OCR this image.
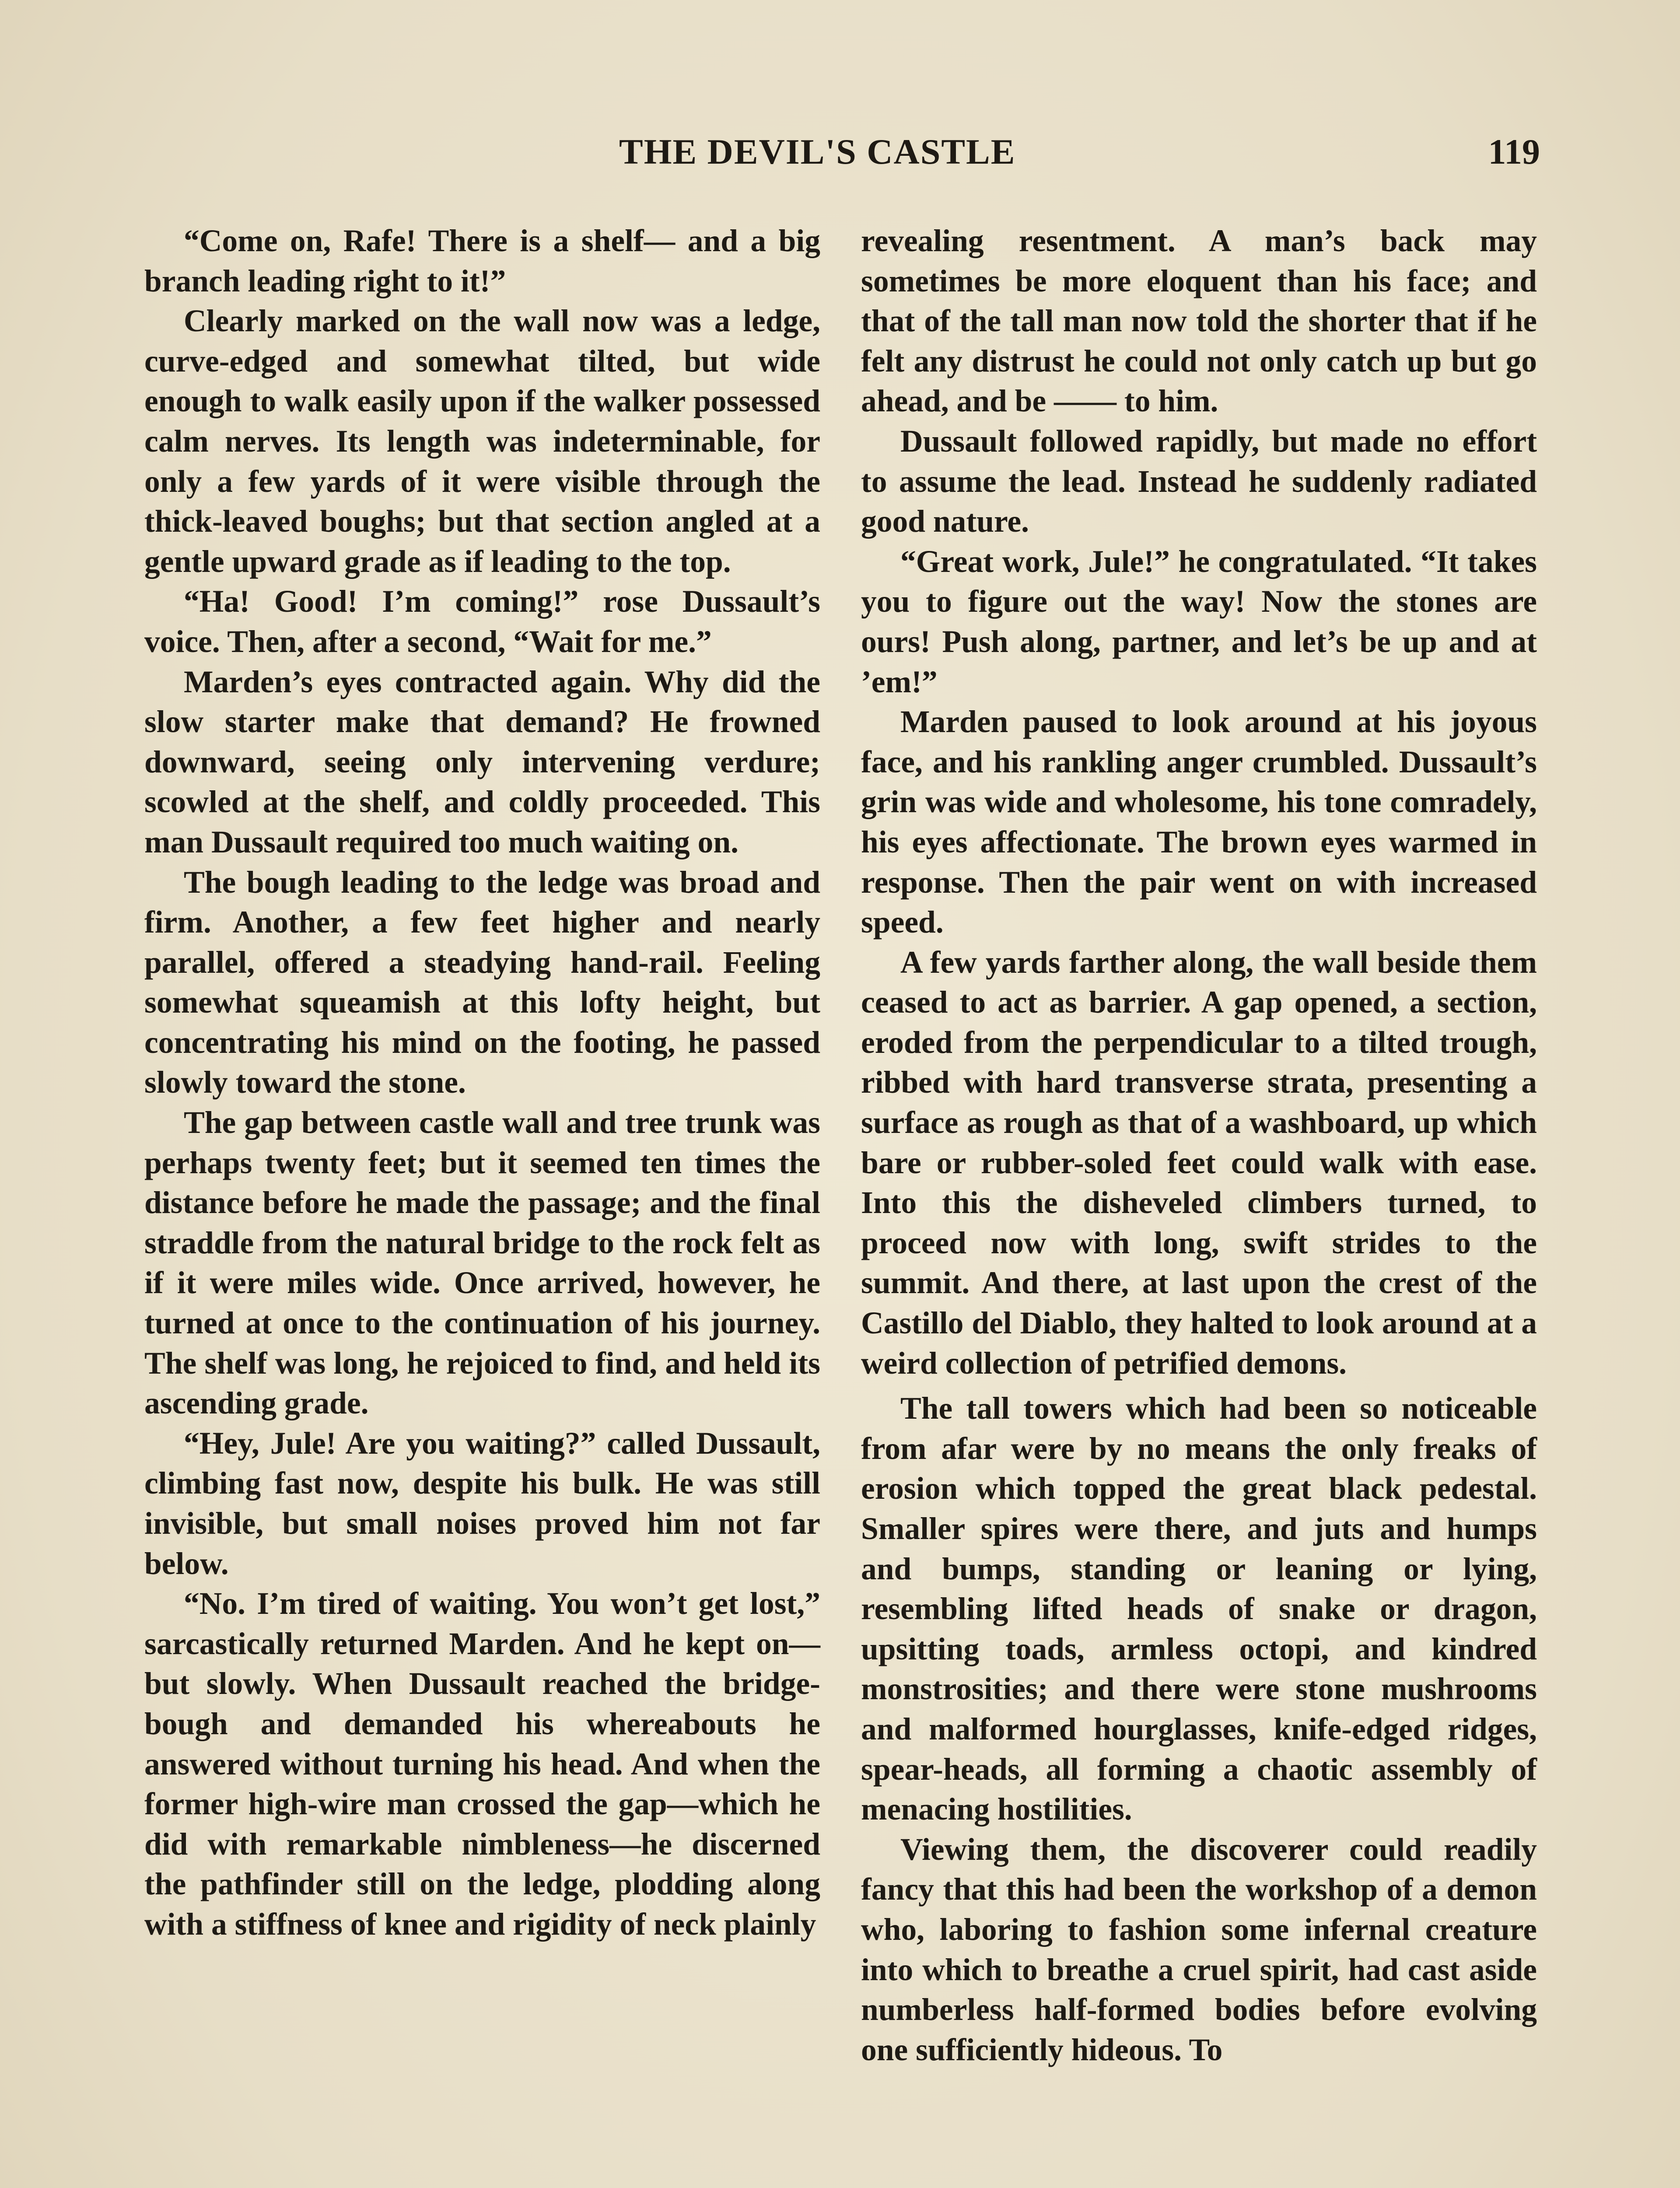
THE DEVIL'S CASTLE	119

“Come on, Rafe! There is a shelf— and a big branch leading right to it!”

Clearly marked on the wall now was a ledge, curve-edged and somewhat tilted, but wide enough to walk easily upon if the walker possessed calm nerves. Its length was indeterminable, for only a few yards of it were visible through the thick-leaved boughs; but that section angled at a gentle upward grade as if leading to the top.

“Ha! Good! I’m coming!” rose Dussault’s voice. Then, after a second, “Wait for me.”

Marden’s eyes contracted again. Why did the slow starter make that demand? He frowned downward, seeing only intervening verdure; scowled at the shelf, and coldly proceeded. This man Dussault required too much waiting on.

The bough leading to the ledge was broad and firm. Another, a few feet higher and nearly parallel, offered a steadying hand-rail. Feeling somewhat squeamish at this lofty height, but concentrating his mind on the footing, he passed slowly toward the stone.

The gap between castle wall and tree trunk was perhaps twenty feet; but it seemed ten times the distance before he made the passage; and the final straddle from the natural bridge to the rock felt as if it were miles wide. Once arrived, however, he turned at once to the continuation of his journey. The shelf was long, he rejoiced to find, and held its ascending grade.

“Hey, Jule! Are you waiting?” called Dussault, climbing fast now, despite his bulk. He was still invisible, but small noises proved him not far below.

“No. I’m tired of waiting. You won’t get lost,” sarcastically returned Marden. And he kept on—but slowly. When Dussault reached the bridge-bough and demanded his whereabouts he answered without turning his head. And when the former high-wire man crossed the gap—which he did with remarkable nimbleness—he discerned the pathfinder still on the ledge, plodding along with a stiffness of knee and rigidity of neck plainly

revealing resentment. A man’s back may sometimes be more eloquent than his face; and that of the tall man now told the shorter that if he felt any distrust he could not only catch up but go ahead, and be —— to him.

Dussault followed rapidly, but made no effort to assume the lead. Instead he suddenly radiated good nature.

“Great work, Jule!” he congratulated. “It takes you to figure out the way! Now the stones are ours! Push along, partner, and let’s be up and at ’em!”

Marden paused to look around at his joyous face, and his rankling anger crumbled. Dussault’s grin was wide and wholesome, his tone comradely, his eyes affectionate. The brown eyes warmed in response. Then the pair went on with increased speed.

A few yards farther along, the wall beside them ceased to act as barrier. A gap opened, a section, eroded from the perpendicular to a tilted trough, ribbed with hard transverse strata, presenting a surface as rough as that of a washboard, up which bare or rubber-soled feet could walk with ease. Into this the disheveled climbers turned, to proceed now with long, swift strides to the summit. And there, at last upon the crest of the Castillo del Diablo, they halted to look around at a weird collection of petrified demons.

The tall towers which had been so noticeable from afar were by no means the only freaks of erosion which topped the great black pedestal. Smaller spires were there, and juts and humps and bumps, standing or leaning or lying, resembling lifted heads of snake or dragon, upsitting toads, armless octopi, and kindred monstrosities; and there were stone mushrooms and malformed hourglasses, knife-edged ridges, spear-heads, all forming a chaotic assembly of menacing hostilities.

Viewing them, the discoverer could readily fancy that this had been the workshop of a demon who, laboring to fashion some infernal creature into which to breathe a cruel spirit, had cast aside numberless half-formed bodies before evolving one sufficiently hideous. To
